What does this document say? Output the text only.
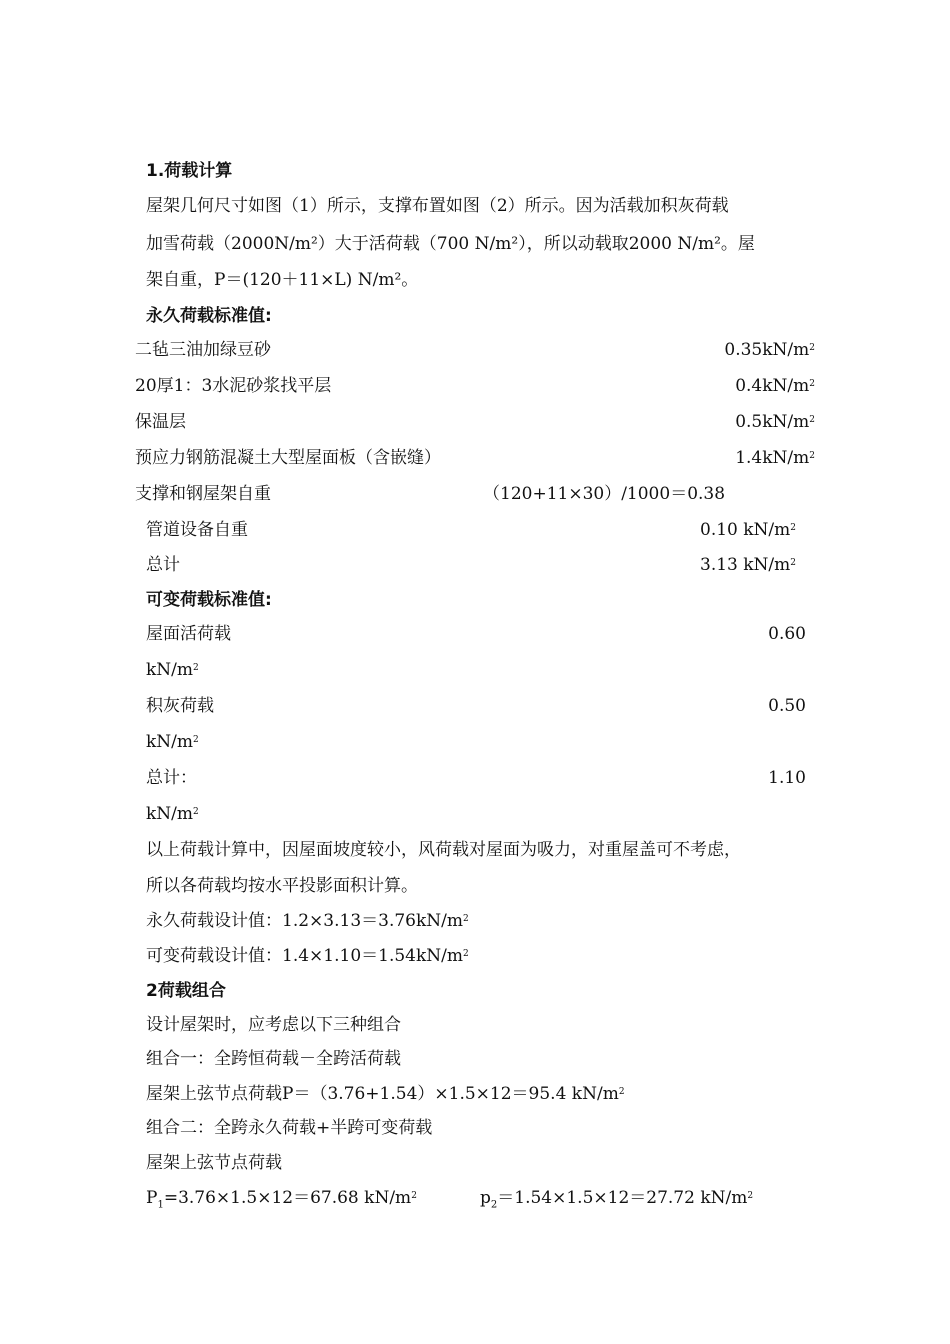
1.荷载计算
屋架几何尺寸如图（1）所示，支撑布置如图（2）所示。因为活载加积灰荷载
加雪荷载（2000N/m²）大于活荷载（700 N/m²），所以动载取2000 N/m²。屋
架自重，P＝(120＋11×L) N/m²。
永久荷载标准值:
二毡三油加绿豆砂	$0.35kN/m^2$
20厚1：3水泥砂浆找平层	$0.4kN/m^2$
保温层	$0.5kN/m^2$
预应力钢筋混凝土大型屋面板（含嵌缝）	$1.4kN/m^2$
支撑和钢屋架自重	（120+11×30）/1000＝0.38
管道设备自重	0.10 $kN/m^2$
总计	3.13 $kN/m^2$
可变荷载标准值:
屋面活荷载	0.60
$kN/m^2$
积灰荷载	0.50
$kN/m^2$
总计：	1.10
$kN/m^2$
以上荷载计算中，因屋面坡度较小，风荷载对屋面为吸力，对重屋盖可不考虑，
所以各荷载均按水平投影面积计算。
永久荷载设计值：$1.2\times 3.13=3.76kN/m^2$
可变荷载设计值：$1.4\times 1.10=1.54kN/m^2$
2荷载组合
设计屋架时，应考虑以下三种组合
组合一：全跨恒荷载－全跨活荷载
屋架上弦节点荷载P＝（3.76+1.54）×1.5×12＝95.4 $kN/m^2$
组合二：全跨永久荷载+半跨可变荷载
屋架上弦节点荷载
$P_1=3.76\times 1.5\times 12=67.68$ $kN/m^2$	$p_2=1.54\times 1.5\times 12=27.72$ $kN/m^2$
